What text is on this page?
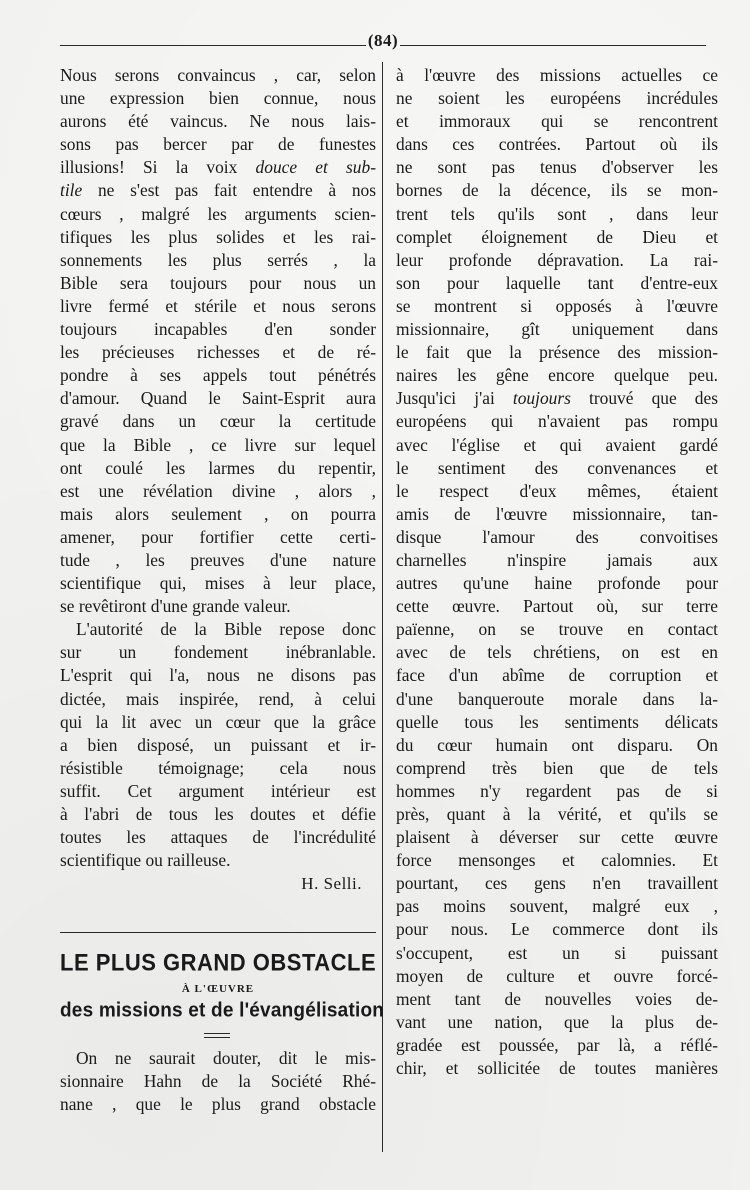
(84)
Nous serons convaincus , car, selon
une expression bien connue, nous
aurons été vaincus. Ne nous lais-
sons pas bercer par de funestes
illusions! Si la voix douce et sub-
tile ne s'est pas fait entendre à nos
cœurs , malgré les arguments scien-
tifiques les plus solides et les rai-
sonnements les plus serrés , la
Bible sera toujours pour nous un
livre fermé et stérile et nous serons
toujours incapables d'en sonder
les précieuses richesses et de ré-
pondre à ses appels tout pénétrés
d'amour. Quand le Saint-Esprit aura
gravé dans un cœur la certitude
que la Bible , ce livre sur lequel
ont coulé les larmes du repentir,
est une révélation divine , alors ,
mais alors seulement , on pourra
amener, pour fortifier cette certi-
tude , les preuves d'une nature
scientifique qui, mises à leur place,
se revêtiront d'une grande valeur.
L'autorité de la Bible repose donc
sur un fondement inébranlable.
L'esprit qui l'a, nous ne disons pas
dictée, mais inspirée, rend, à celui
qui la lit avec un cœur que la grâce
a bien disposé, un puissant et ir-
résistible témoignage; cela nous
suffit. Cet argument intérieur est
à l'abri de tous les doutes et défie
toutes les attaques de l'incrédulité
scientifique ou railleuse.
H. Selli.
LE PLUS GRAND OBSTACLE
À L'ŒUVRE
des missions et de l'évangélisation
On ne saurait douter, dit le mis-
sionnaire Hahn de la Société Rhé-
nane , que le plus grand obstacle
à l'œuvre des missions actuelles ce
ne soient les européens incrédules
et immoraux qui se rencontrent
dans ces contrées. Partout où ils
ne sont pas tenus d'observer les
bornes de la décence, ils se mon-
trent tels qu'ils sont , dans leur
complet éloignement de Dieu et
leur profonde dépravation. La rai-
son pour laquelle tant d'entre-eux
se montrent si opposés à l'œuvre
missionnaire, gît uniquement dans
le fait que la présence des mission-
naires les gêne encore quelque peu.
Jusqu'ici j'ai toujours trouvé que des
européens qui n'avaient pas rompu
avec l'église et qui avaient gardé
le sentiment des convenances et
le respect d'eux mêmes, étaient
amis de l'œuvre missionnaire, tan-
disque l'amour des convoitises
charnelles n'inspire jamais aux
autres qu'une haine profonde pour
cette œuvre. Partout où, sur terre
païenne, on se trouve en contact
avec de tels chrétiens, on est en
face d'un abîme de corruption et
d'une banqueroute morale dans la-
quelle tous les sentiments délicats
du cœur humain ont disparu. On
comprend très bien que de tels
hommes n'y regardent pas de si
près, quant à la vérité, et qu'ils se
plaisent à déverser sur cette œuvre
force mensonges et calomnies. Et
pourtant, ces gens n'en travaillent
pas moins souvent, malgré eux ,
pour nous. Le commerce dont ils
s'occupent, est un si puissant
moyen de culture et ouvre forcé-
ment tant de nouvelles voies de-
vant une nation, que la plus de-
gradée est poussée, par là, a réflé-
chir, et sollicitée de toutes manières
